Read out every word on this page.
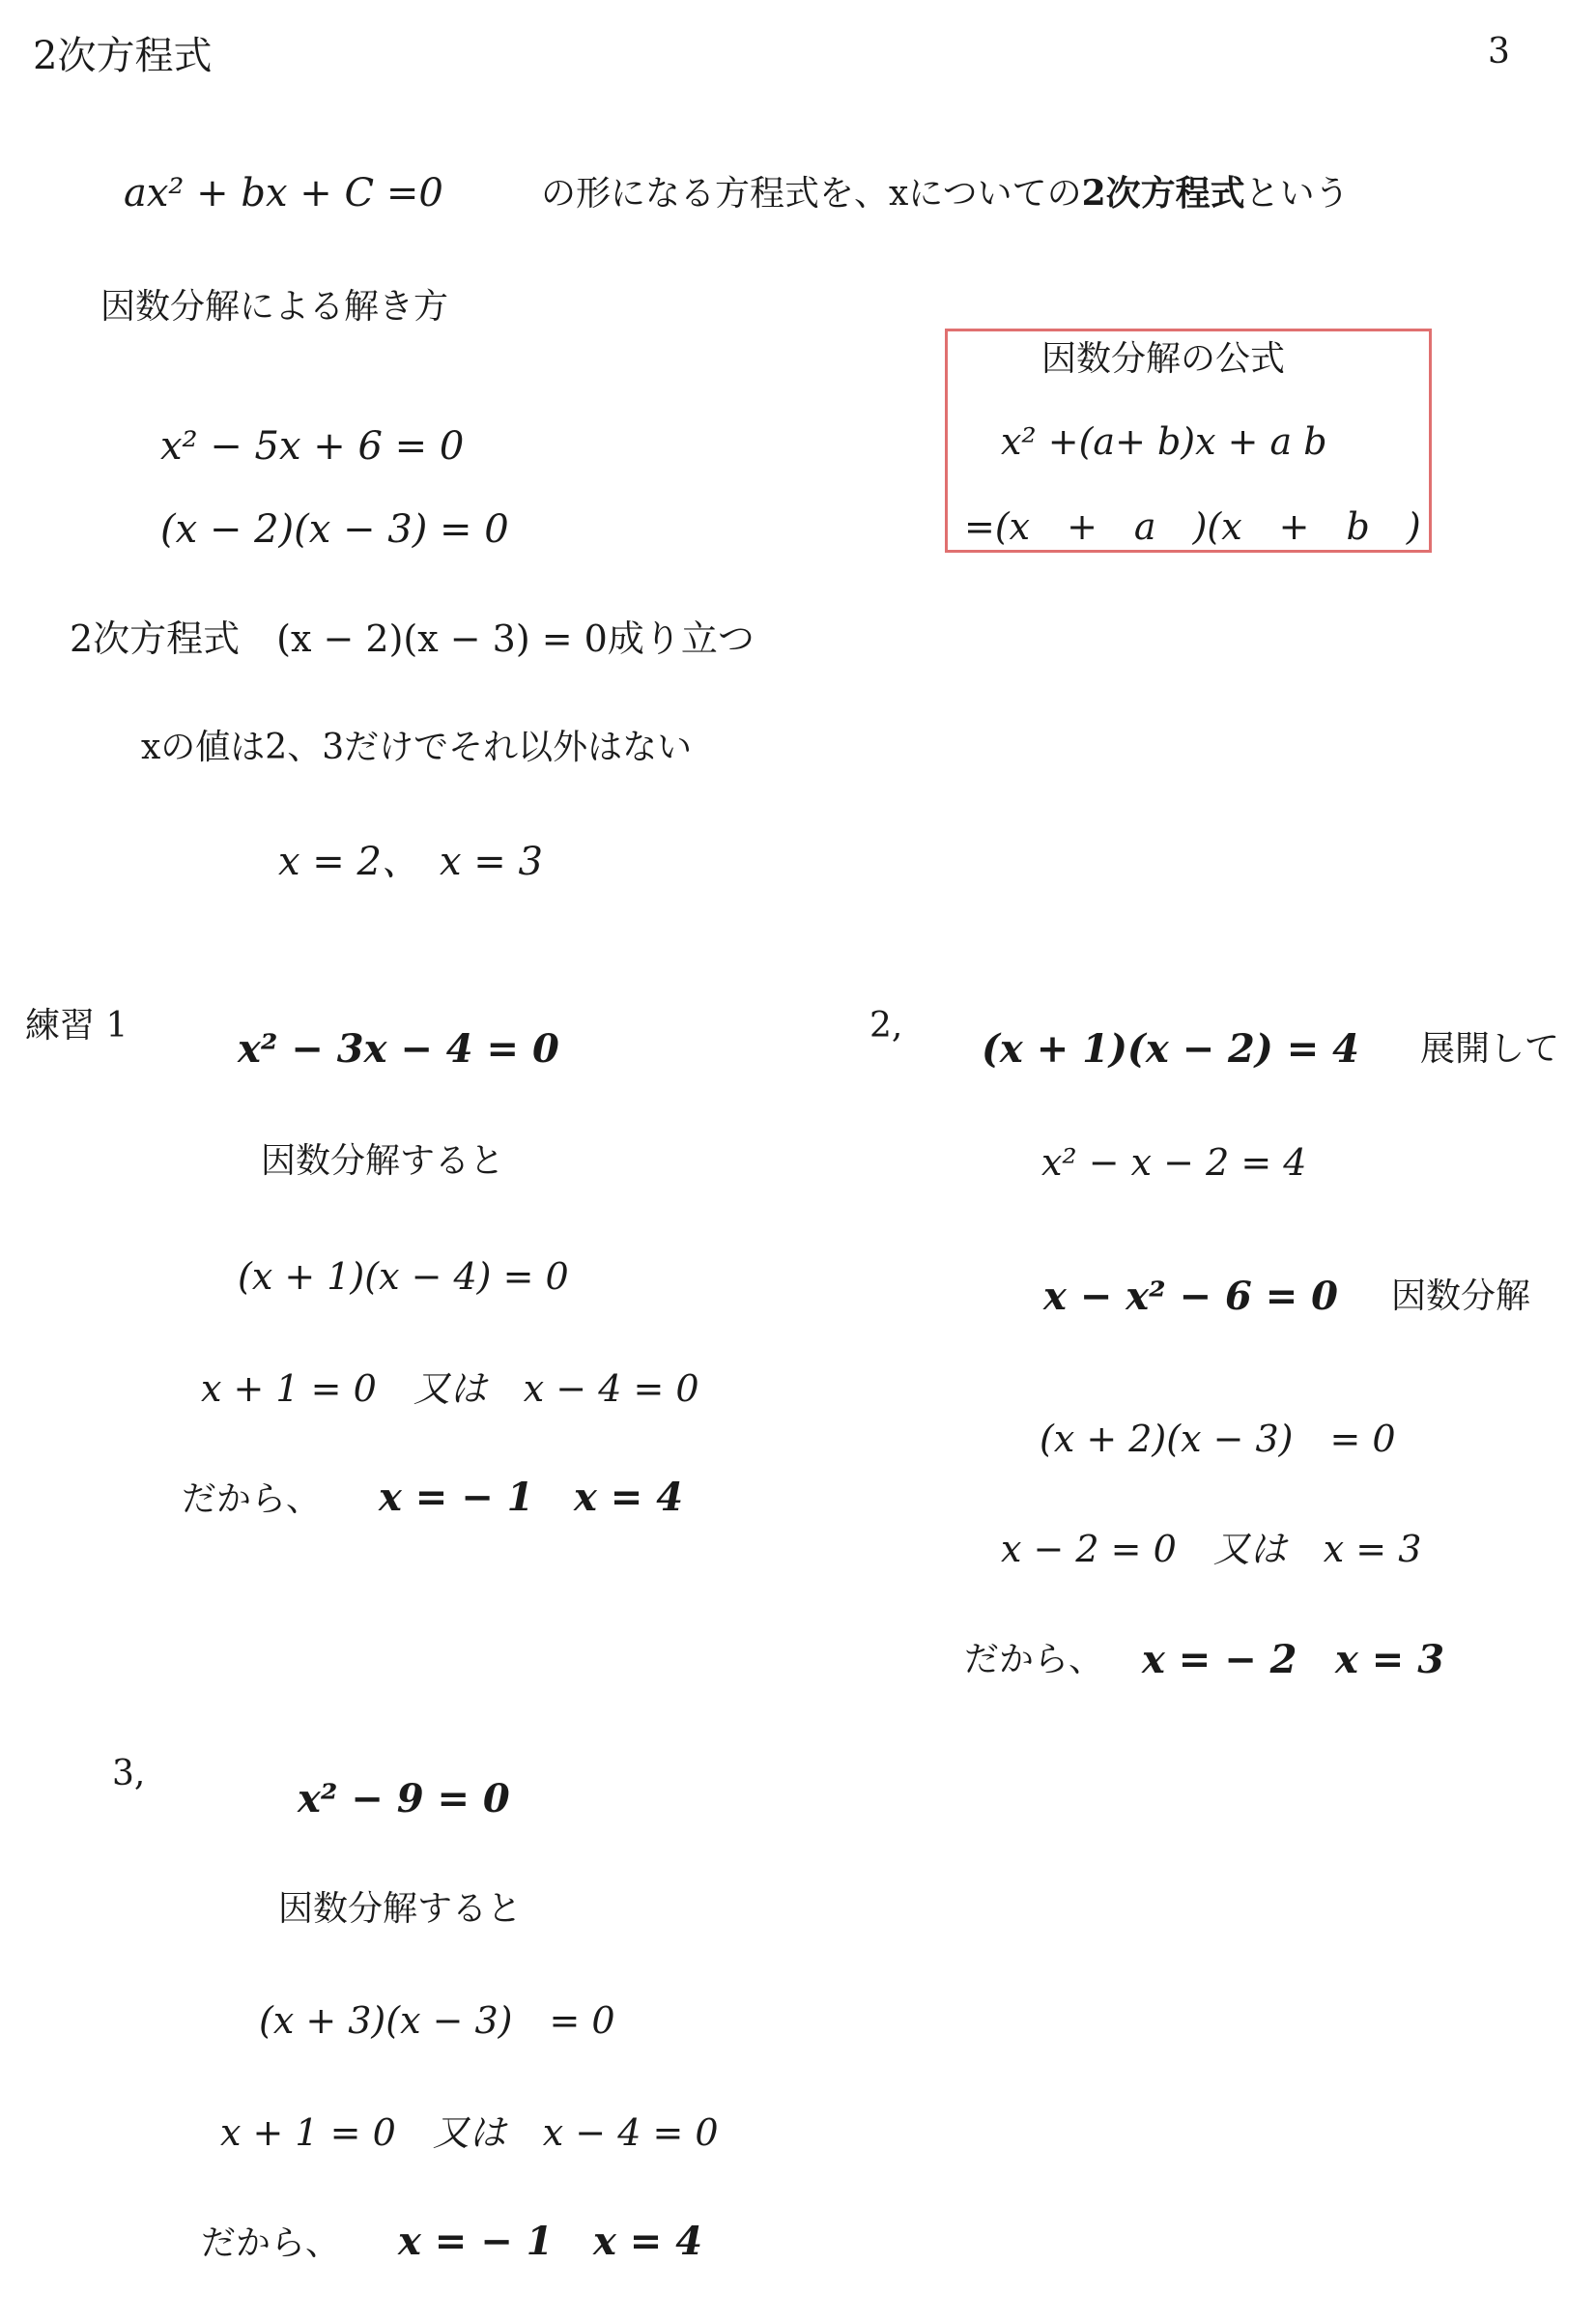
2次方程式	3
ax² + bx + C =0	の形になる方程式を、xについての2次方程式という
因数分解による解き方
因数分解の公式
x² +(a+ b)x + a b
=(x　+　a　)(x　+　b　)
x² − 5x + 6 = 0
(x − 2)(x − 3) = 0
2次方程式　(x − 2)(x − 3) = 0成り立つ
xの値は2、3だけでそれ以外はない
x = 2、　x = 3
練習 1
x² − 3x − 4 = 0
因数分解すると
(x + 1)(x − 4) = 0
x + 1 = 0　又は　x − 4 = 0
だから、 x = − 1 x = 4
2,
(x + 1)(x − 2) = 4 展開して
x² − x − 2 = 4
x − x² − 6 = 0 因数分解
(x + 2)(x − 3)　= 0
x − 2 = 0　又は　x = 3
だから、 x = − 2 x = 3
3,
x² − 9 = 0
因数分解すると
(x + 3)(x − 3)　= 0
x + 1 = 0　又は　x − 4 = 0
だから、 x = − 1 x = 4
